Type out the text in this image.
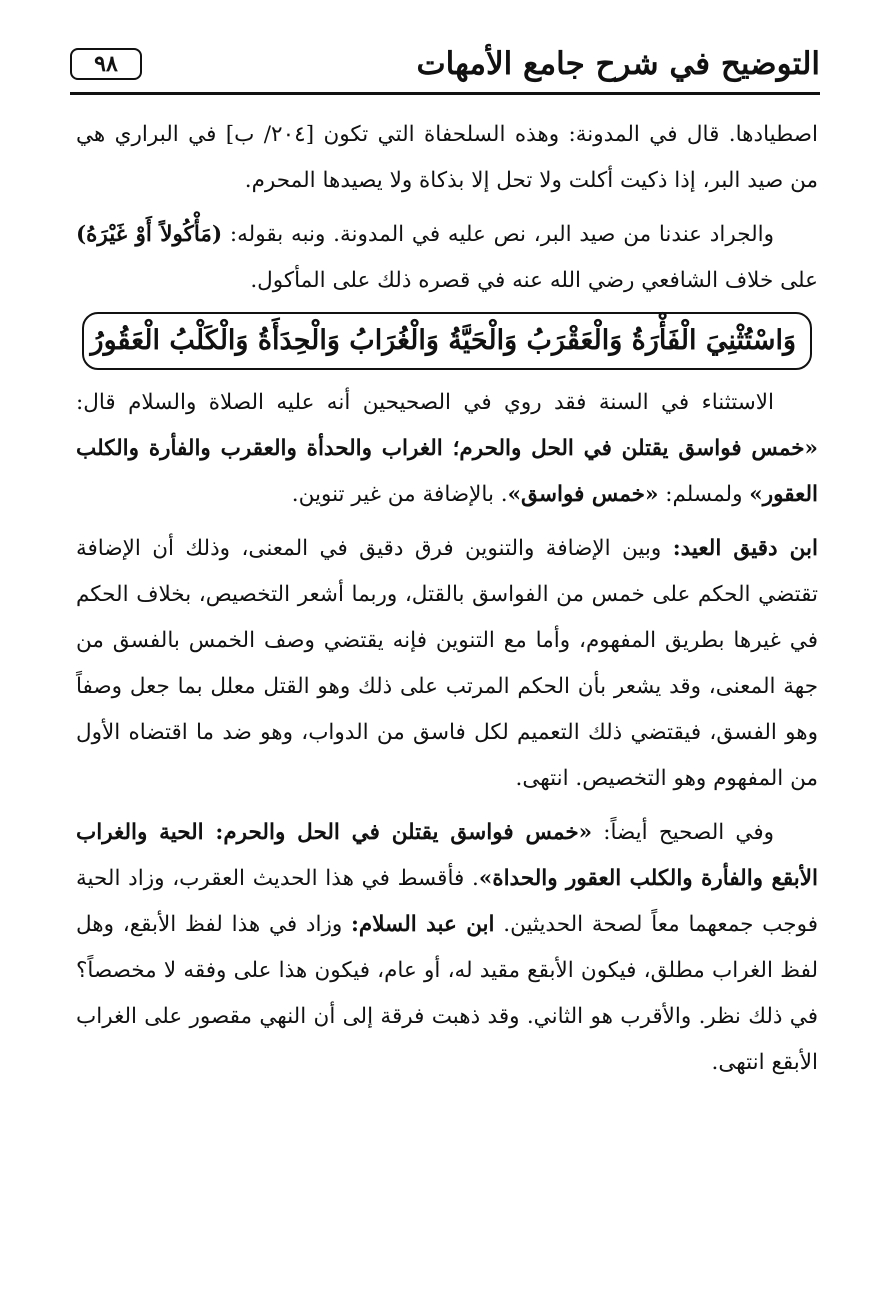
التوضيح في شرح جامع الأمهات
٩٨

اصطيادها. قال في المدونة: وهذه السلحفاة التي تكون [٢٠٤/ ب] في البراري هي من صيد البر، إذا ذكيت أكلت ولا تحل إلا بذكاة ولا يصيدها المحرم.

والجراد عندنا من صيد البر، نص عليه في المدونة. ونبه بقوله: (مَأْكُولاً أَوْ غَيْرَهُ) على خلاف الشافعي رضي الله عنه في قصره ذلك على المأكول.

وَاسْتُثْنِيَ الْفَأْرَةُ وَالْعَقْرَبُ وَالْحَيَّةُ وَالْغُرَابُ وَالْحِدَأَةُ وَالْكَلْبُ الْعَقُورُ

الاستثناء في السنة فقد روي في الصحيحين أنه عليه الصلاة والسلام قال: «خمس فواسق يقتلن في الحل والحرم؛ الغراب والحدأة والعقرب والفأرة والكلب العقور» ولمسلم: «خمس فواسق». بالإضافة من غير تنوين.

ابن دقيق العيد: وبين الإضافة والتنوين فرق دقيق في المعنى، وذلك أن الإضافة تقتضي الحكم على خمس من الفواسق بالقتل، وربما أشعر التخصيص، بخلاف الحكم في غيرها بطريق المفهوم، وأما مع التنوين فإنه يقتضي وصف الخمس بالفسق من جهة المعنى، وقد يشعر بأن الحكم المرتب على ذلك وهو القتل معلل بما جعل وصفاً وهو الفسق، فيقتضي ذلك التعميم لكل فاسق من الدواب، وهو ضد ما اقتضاه الأول من المفهوم وهو التخصيص. انتهى.

وفي الصحيح أيضاً: «خمس فواسق يقتلن في الحل والحرم: الحية والغراب الأبقع والفأرة والكلب العقور والحداة». فأقسط في هذا الحديث العقرب، وزاد الحية فوجب جمعهما معاً لصحة الحديثين. ابن عبد السلام: وزاد في هذا لفظ الأبقع، وهل لفظ الغراب مطلق، فيكون الأبقع مقيد له، أو عام، فيكون هذا على وفقه لا مخصصاً؟ في ذلك نظر. والأقرب هو الثاني. وقد ذهبت فرقة إلى أن النهي مقصور على الغراب الأبقع انتهى.
